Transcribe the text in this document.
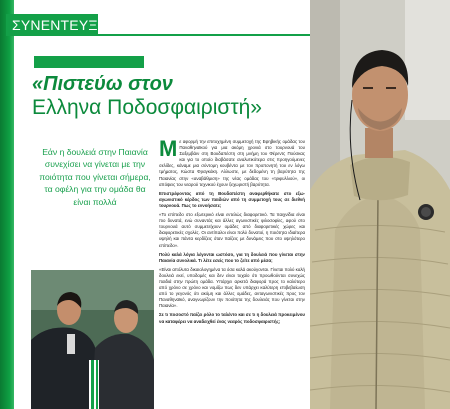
ΣΥΝΕΝΤΕΥΞΗ
«Πιστεύω στον
Ελληνα Ποδοσφαιριστή»
Εάν η δουλειά στην Παιανία συνεχίσει να γίνεται με την ποιότητα που γίνεται σήμερα, τα οφέλη για την ομάδα θα είναι πολλά

Με αφορμή την επιτυχημένη συμμετοχή της Εφηβικής ομάδας του Παναθηναϊκού για μια ακόμη χρονιά στο τουρνουά του Σαξεμβάιν στη Βουδαπέστη στη μνήμη του Φέρεντς Πούσκας και για το οποίο διαβάσατε αναλυτικότερα στις προηγούμενες σελίδες, κάναμε μια σύντομη κουβέντα με τον προπονητή του εν λόγω τμήματος, Κώστα Φραγκάκη. Αλλωστε, με δεδομένη τη βαρύτητα της Παιανίας στην «αναβάθμιση» της νέας ομάδας του «τριφυλλιού», οι απόψεις του νεαρού τεχνικού έχουν ξεχωριστή βαρύτητα.

Επιστρέφοντας από τη Βουδαπέστη αναφερθήκατε στο εξω-αγωνιστικό κέρδος των παιδιών από τη συμμετοχή τους σε διεθνή τουρνουά. Πως το εννοήσατε;

«Το επίπεδο στο εξωτερικό είναι εντελώς διαφορετικό. Τα παιχνίδια είναι πιο δυνατά, ενώ συναντάς και άλλες αγωνιστικές φιλοσοφίες, αφού στο τουρνουά αυτό συμμετείχουν ομάδες από διαφορετικές χώρες και διαφορετικές σχολές. Οι αντίπαλοι είναι πολύ δυνατοί, η ποιότητα ιδιαίτερα υψηλή και πάντα κερδίζεις όταν παίζεις με δυνάμεις που στο υψηλότερο επίπεδο».

Πολύ καλά λόγια λέγονται ωστόσο, για τη δουλειά που γίνεται στην Παιανία συνολικά. Τι λέτε εσείς που το ζείτε από μέσα;

«Είναι απόλυτα δικαιολογημένα τα όσα καλά ακούγονται. Γίνεται πολύ καλή δουλειά εκεί, υποδομές και δεν είναι τυχαίο ότι προωθούνται συνεχώς παιδιά στην πρώτη ομάδα. Υπάρχει αρκετά διαφορά προς το καλύτερο από χρόνο σε χρόνο και νομίζω πως δεν υπάρχει καλύτερη επιβεβαίωση από το γεγονός ότι ακόμη και άλλες ομάδες, ανταγωνιστικές προς τον Παναθηναϊκό, αναγνωρίζουν την ποιότητα της δουλειάς που γίνεται στην Παιανία».

Σε τι ποσοστό παίζει ρόλο το ταλέντο και σε τι η δουλειά προκειμένου να καταφέρει να αναδειχθεί ένας νεαρός ποδοσφαιριστής;
